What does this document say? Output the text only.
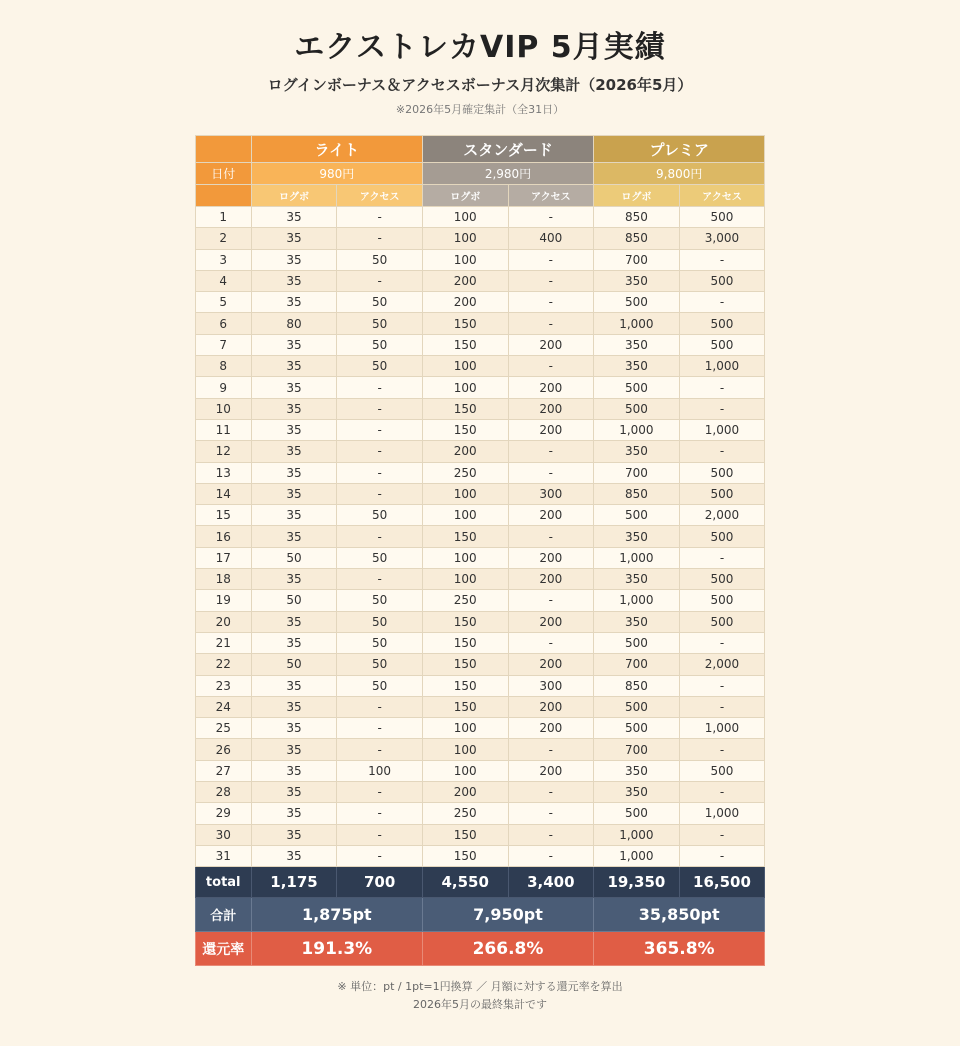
エクストレカVIP 5月実績
ログインボーナス＆アクセスボーナス月次集計（2026年5月）
※2026年5月確定集計（全31日）
	ライト		スタンダード		プレミア	
日付	980円		2,980円		9,800円	
	ログボ	アクセス	ログボ	アクセス	ログボ	アクセス
1	35	-	100	-	850	500
2	35	-	100	400	850	3,000
3	35	50	100	-	700	-
4	35	-	200	-	350	500
5	35	50	200	-	500	-
6	80	50	150	-	1,000	500
7	35	50	150	200	350	500
8	35	50	100	-	350	1,000
9	35	-	100	200	500	-
10	35	-	150	200	500	-
11	35	-	150	200	1,000	1,000
12	35	-	200	-	350	-
13	35	-	250	-	700	500
14	35	-	100	300	850	500
15	35	50	100	200	500	2,000
16	35	-	150	-	350	500
17	50	50	100	200	1,000	-
18	35	-	100	200	350	500
19	50	50	250	-	1,000	500
20	35	50	150	200	350	500
21	35	50	150	-	500	-
22	50	50	150	200	700	2,000
23	35	50	150	300	850	-
24	35	-	150	200	500	-
25	35	-	100	200	500	1,000
26	35	-	100	-	700	-
27	35	100	100	200	350	500
28	35	-	200	-	350	-
29	35	-	250	-	500	1,000
30	35	-	150	-	1,000	-
31	35	-	150	-	1,000	-
total	1,175	700	4,550	3,400	19,350	16,500
合計	1,875pt		7,950pt		35,850pt	
還元率	191.3%		266.8%		365.8%	
※ 単位：pt / 1pt=1円換算 ／ 月額に対する還元率を算出
2026年5月の最終集計です
